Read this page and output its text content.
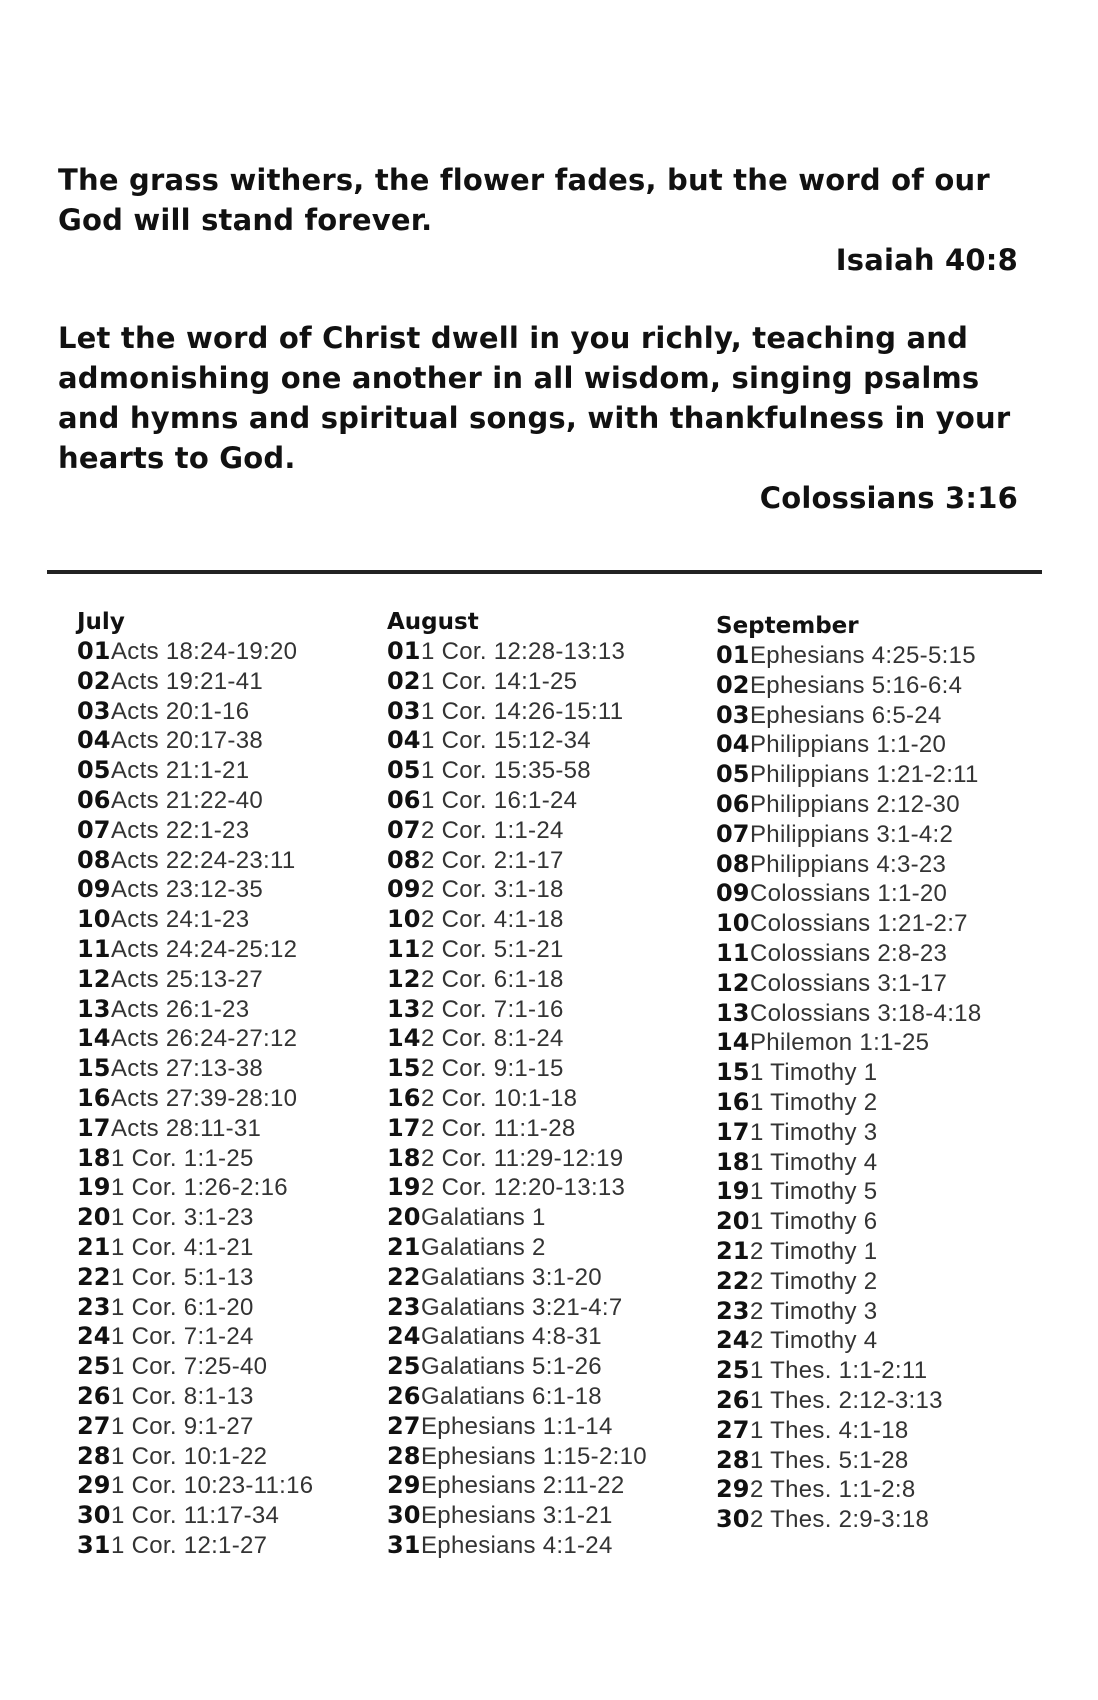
The grass withers, the flower fades, but the word of our God will stand forever.
Isaiah 40:8
Let the word of Christ dwell in you richly, teaching and admonishing one another in all wisdom, singing psalms and hymns and spiritual songs, with thankfulness in your hearts to God.
Colossians 3:16
July
01Acts 18:24-19:20
02Acts 19:21-41
03Acts 20:1-16
04Acts 20:17-38
05Acts 21:1-21
06Acts 21:22-40
07Acts 22:1-23
08Acts 22:24-23:11
09Acts 23:12-35
10Acts 24:1-23
11Acts 24:24-25:12
12Acts 25:13-27
13Acts 26:1-23
14Acts 26:24-27:12
15Acts 27:13-38
16Acts 27:39-28:10
17Acts 28:11-31
181 Cor. 1:1-25
191 Cor. 1:26-2:16
201 Cor. 3:1-23
211 Cor. 4:1-21
221 Cor. 5:1-13
231 Cor. 6:1-20
241 Cor. 7:1-24
251 Cor. 7:25-40
261 Cor. 8:1-13
271 Cor. 9:1-27
281 Cor. 10:1-22
291 Cor. 10:23-11:16
301 Cor. 11:17-34
311 Cor. 12:1-27
August
011 Cor. 12:28-13:13
021 Cor. 14:1-25
031 Cor. 14:26-15:11
041 Cor. 15:12-34
051 Cor. 15:35-58
061 Cor. 16:1-24
072 Cor. 1:1-24
082 Cor. 2:1-17
092 Cor. 3:1-18
102 Cor. 4:1-18
112 Cor. 5:1-21
122 Cor. 6:1-18
132 Cor. 7:1-16
142 Cor. 8:1-24
152 Cor. 9:1-15
162 Cor. 10:1-18
172 Cor. 11:1-28
182 Cor. 11:29-12:19
192 Cor. 12:20-13:13
20Galatians 1
21Galatians 2
22Galatians 3:1-20
23Galatians 3:21-4:7
24Galatians 4:8-31
25Galatians 5:1-26
26Galatians 6:1-18
27Ephesians 1:1-14
28Ephesians 1:15-2:10
29Ephesians 2:11-22
30Ephesians 3:1-21
31Ephesians 4:1-24
September
01Ephesians 4:25-5:15
02Ephesians 5:16-6:4
03Ephesians 6:5-24
04Philippians 1:1-20
05Philippians 1:21-2:11
06Philippians 2:12-30
07Philippians 3:1-4:2
08Philippians 4:3-23
09Colossians 1:1-20
10Colossians 1:21-2:7
11Colossians 2:8-23
12Colossians 3:1-17
13Colossians 3:18-4:18
14Philemon 1:1-25
151 Timothy 1
161 Timothy 2
171 Timothy 3
181 Timothy 4
191 Timothy 5
201 Timothy 6
212 Timothy 1
222 Timothy 2
232 Timothy 3
242 Timothy 4
251 Thes. 1:1-2:11
261 Thes. 2:12-3:13
271 Thes. 4:1-18
281 Thes. 5:1-28
292 Thes. 1:1-2:8
302 Thes. 2:9-3:18
